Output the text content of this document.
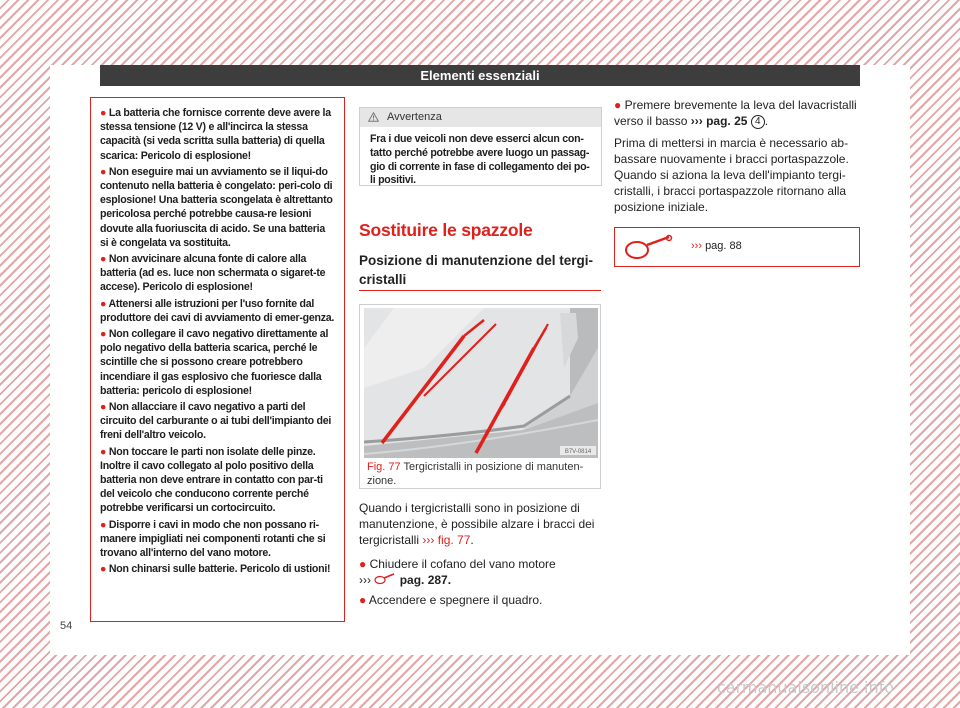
Elementi essenziali

● La batteria che fornisce corrente deve avere la stessa tensione (12 V) e all'incirca la stessa capacità (si veda scritta sulla batteria) di quella scarica: Pericolo di esplosione!

● Non eseguire mai un avviamento se il liqui-do contenuto nella batteria è congelato: peri-colo di esplosione! Una batteria scongelata è altrettanto pericolosa perché potrebbe causa-re lesioni dovute alla fuoriuscita di acido. Se una batteria si è congelata va sostituita.

● Non avvicinare alcuna fonte di calore alla batteria (ad es. luce non schermata o sigaret-te accese). Pericolo di esplosione!

● Attenersi alle istruzioni per l'uso fornite dal produttore dei cavi di avviamento di emer-genza.

● Non collegare il cavo negativo direttamente al polo negativo della batteria scarica, perché le scintille che si possono creare potrebbero incendiare il gas esplosivo che fuoriesce dalla batteria: pericolo di esplosione!

● Non allacciare il cavo negativo a parti del circuito del carburante o ai tubi dell'impianto dei freni dell'altro veicolo.

● Non toccare le parti non isolate delle pinze. Inoltre il cavo collegato al polo positivo della batteria non deve entrare in contatto con par-ti del veicolo che conducono corrente perché potrebbe verificarsi un cortocircuito.

● Disporre i cavi in modo che non possano ri-manere impigliati nei componenti rotanti che si trovano all'interno del vano motore.

● Non chinarsi sulle batterie. Pericolo di ustioni!

Avvertenza
Fra i due veicoli non deve esserci alcun con-tatto perché potrebbe avere luogo un passag-gio di corrente in fase di collegamento dei po-li positivi.
Sostituire le spazzole
Posizione di manutenzione del tergi-cristalli
B7V-0814
Fig. 77 Tergicristalli in posizione di manuten-zione.

Quando i tergicristalli sono in posizione di manutenzione, è possibile alzare i bracci dei tergicristalli ››› fig. 77.

● Chiudere il cofano del vano motore
››› pag. 287.

● Accendere e spegnere il quadro.

● Premere brevemente la leva del lavacristalli verso il basso ››› pag. 25 4 .

Prima di mettersi in marcia è necessario ab-bassare nuovamente i bracci portaspazzole. Quando si aziona la leva dell'impianto tergi-cristalli, i bracci portaspazzole ritornano alla posizione iniziale.

››› pag. 88
54
carmanualsonline.info
